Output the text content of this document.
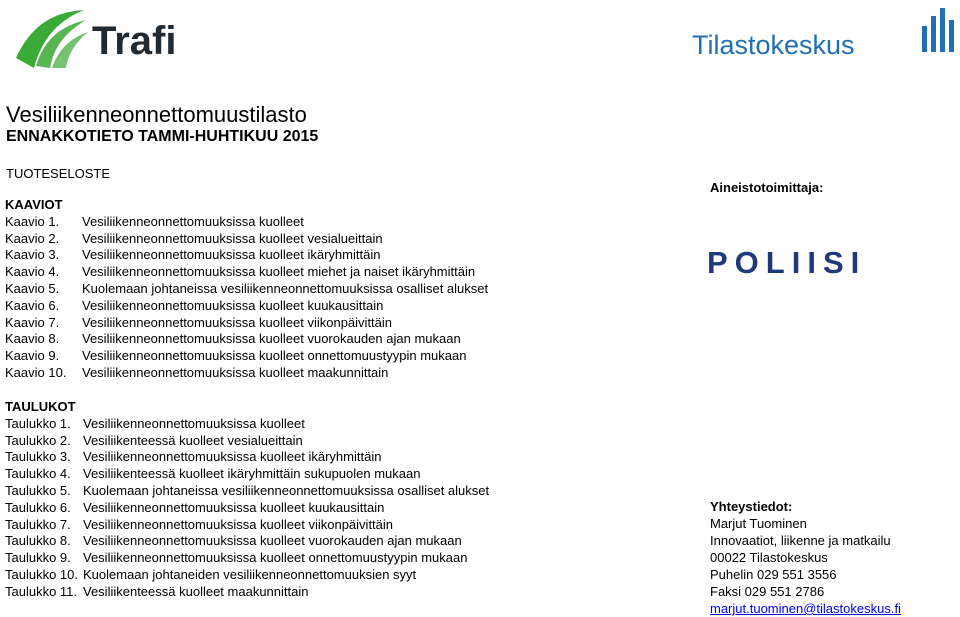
Trafi	Tilastokeskus
Vesiliikenneonnettomuustilasto
ENNAKKOTIETO TAMMI-HUHTIKUU 2015
TUOTESELOSTE
KAAVIOT
Kaavio 1. Vesiliikenneonnettomuuksissa kuolleet
Kaavio 2. Vesiliikenneonnettomuuksissa kuolleet vesialueittain
Kaavio 3. Vesiliikenneonnettomuuksissa kuolleet ikäryhmittäin
Kaavio 4. Vesiliikenneonnettomuuksissa kuolleet miehet ja naiset ikäryhmittäin
Kaavio 5. Kuolemaan johtaneissa vesiliikenneonnettomuuksissa osalliset alukset
Kaavio 6. Vesiliikenneonnettomuuksissa kuolleet kuukausittain
Kaavio 7. Vesiliikenneonnettomuuksissa kuolleet viikonpäivittäin
Kaavio 8. Vesiliikenneonnettomuuksissa kuolleet vuorokauden ajan mukaan
Kaavio 9. Vesiliikenneonnettomuuksissa kuolleet onnettomuustyypin mukaan
Kaavio 10. Vesiliikenneonnettomuuksissa kuolleet maakunnittain
TAULUKOT
Taulukko 1. Vesiliikenneonnettomuuksissa kuolleet
Taulukko 2. Vesiliikenteessä kuolleet vesialueittain
Taulukko 3. Vesiliikenneonnettomuuksissa kuolleet ikäryhmittäin
Taulukko 4. Vesiliikenteessä kuolleet ikäryhmittäin sukupuolen mukaan
Taulukko 5. Kuolemaan johtaneissa vesiliikenneonnettomuuksissa osalliset alukset
Taulukko 6. Vesiliikenneonnettomuuksissa kuolleet kuukausittain
Taulukko 7. Vesiliikenneonnettomuuksissa kuolleet viikonpäivittäin
Taulukko 8. Vesiliikenneonnettomuuksissa kuolleet vuorokauden ajan mukaan
Taulukko 9. Vesiliikenneonnettomuuksissa kuolleet onnettomuustyypin mukaan
Taulukko 10. Kuolemaan johtaneiden vesiliikenneonnettomuuksien syyt
Taulukko 11. Vesiliikenteessä kuolleet maakunnittain
Aineistotoimittaja:
POLIISI
Yhteystiedot:
Marjut Tuominen
Innovaatiot, liikenne ja matkailu
00022 Tilastokeskus
Puhelin 029 551 3556
Faksi 029 551 2786
marjut.tuominen@tilastokeskus.fi
